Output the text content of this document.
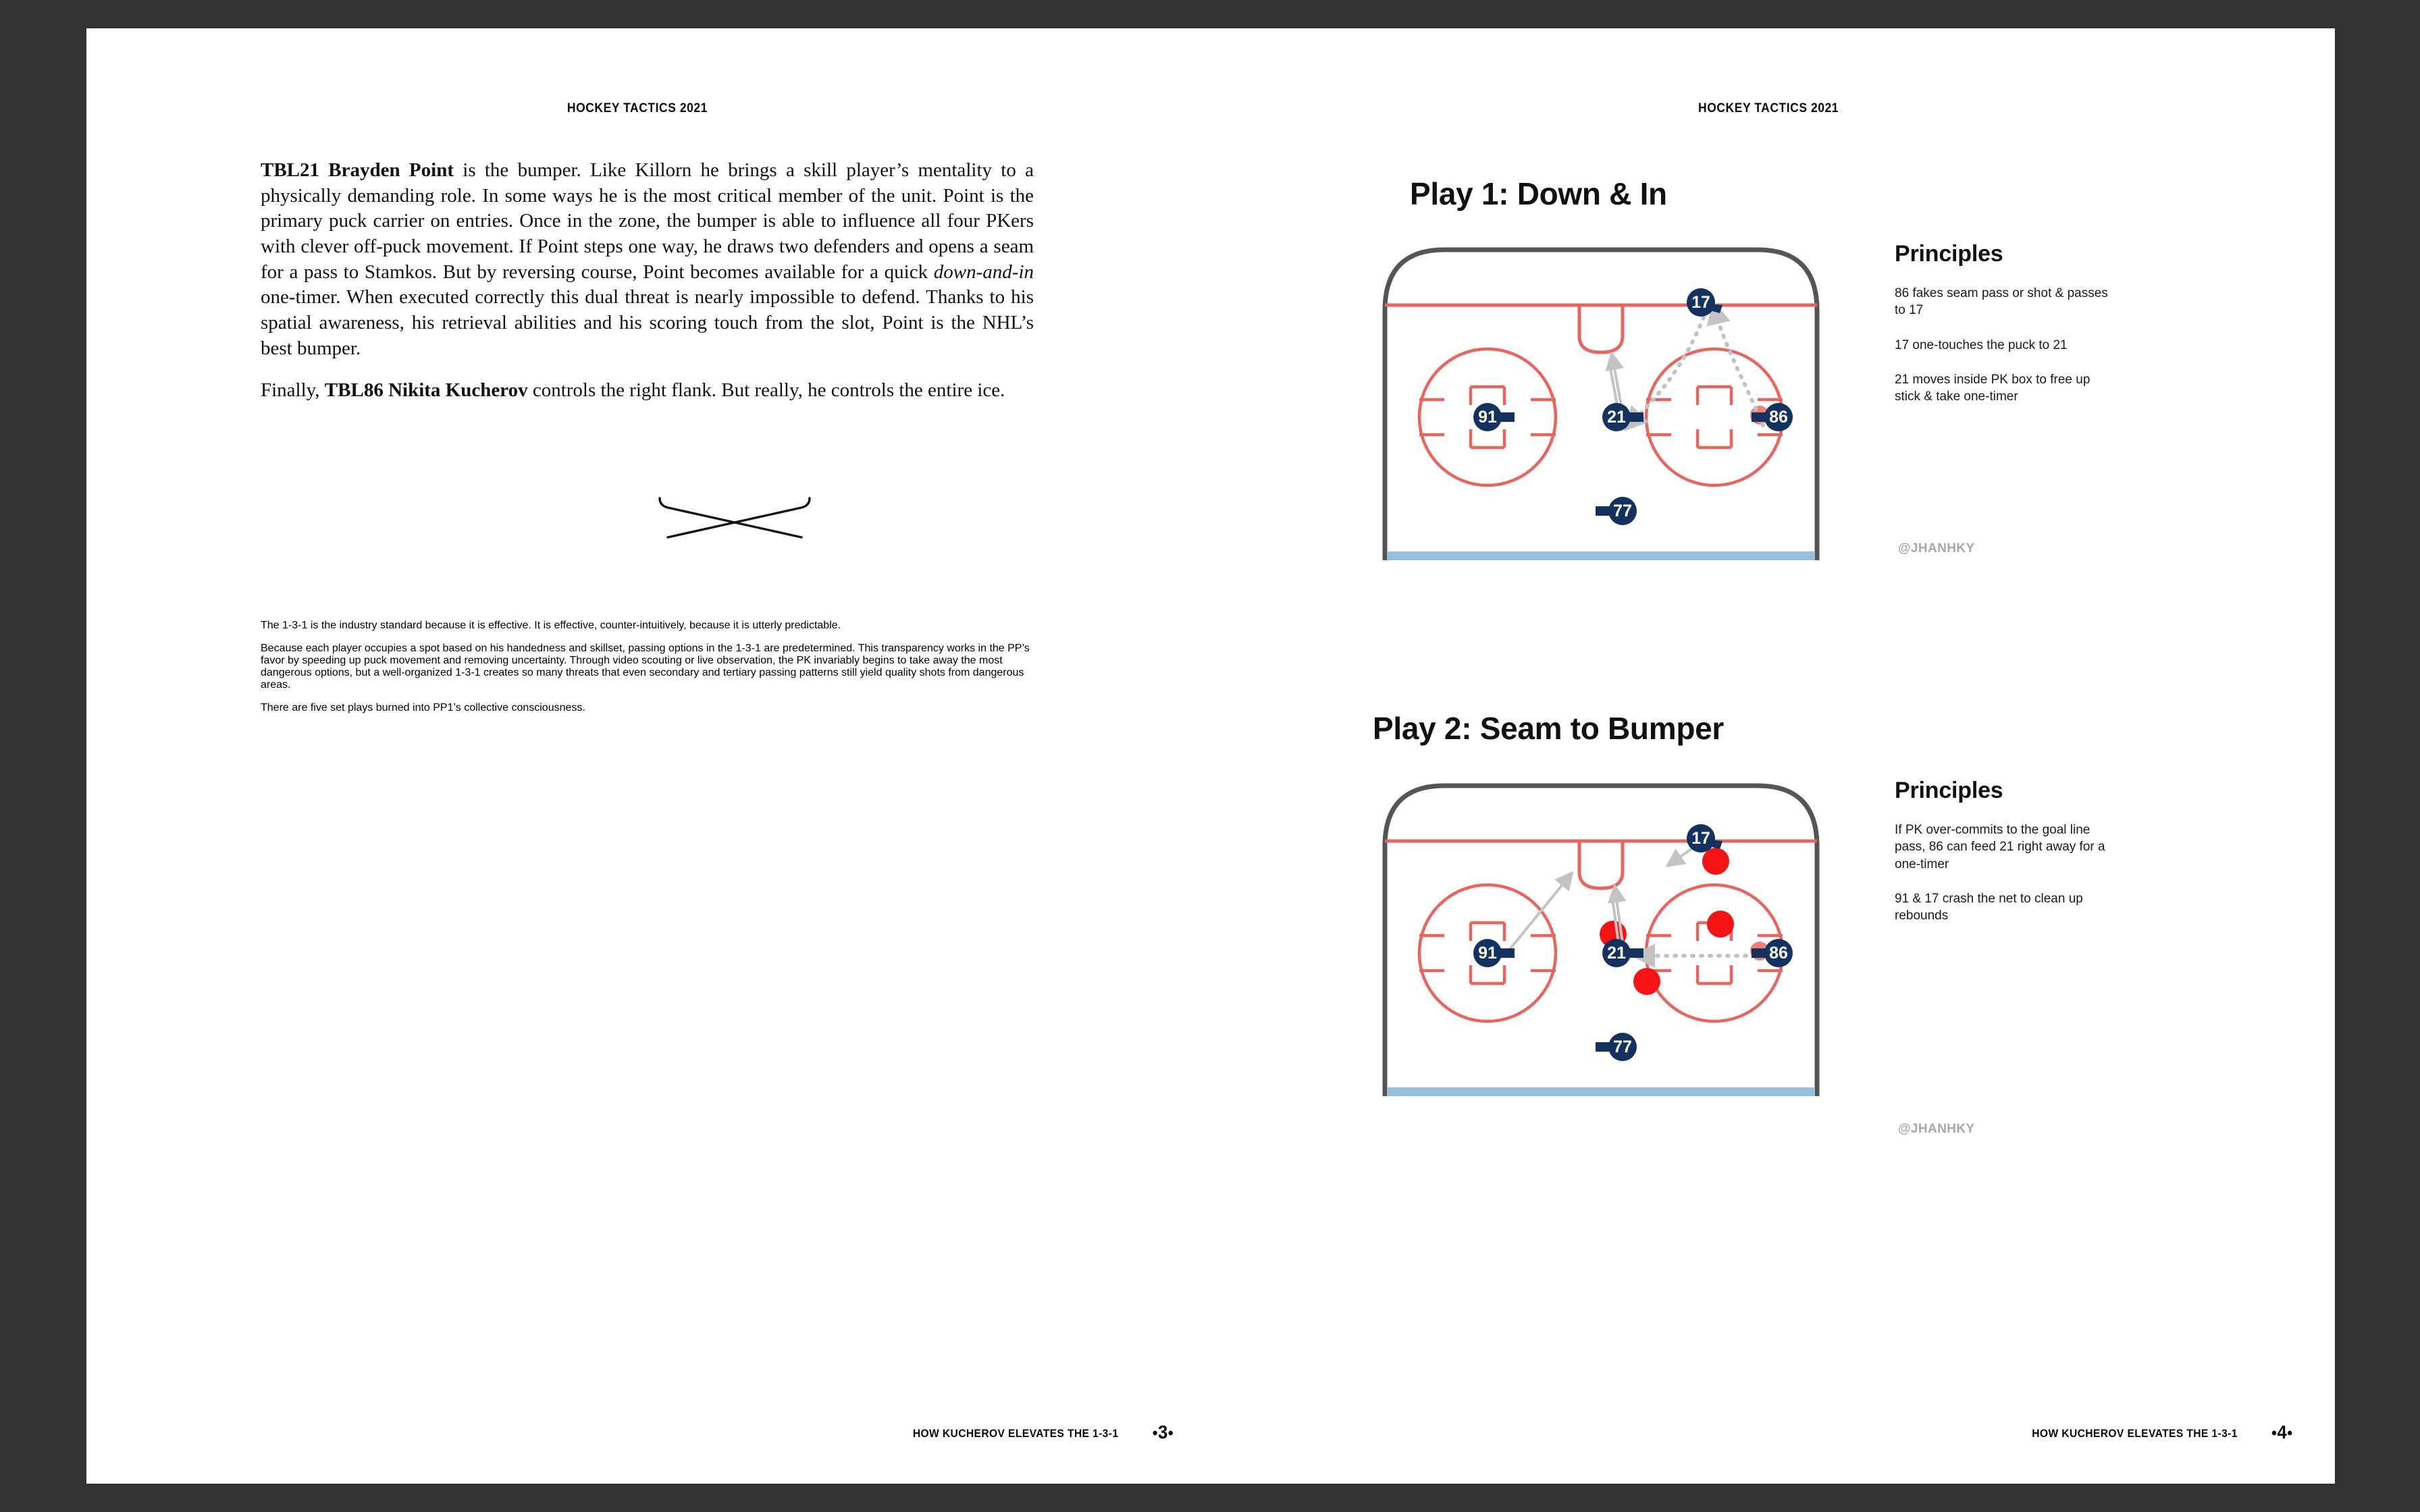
HOCKEY TACTICS 2021

TBL21 Brayden Point is the bumper. Like Killorn he brings a skill player’s mentality to a physically demanding role. In some ways he is the most critical member of the unit. Point is the primary puck carrier on entries. Once in the zone, the bumper is able to influence all four PKers with clever off-puck movement. If Point steps one way, he draws two defenders and opens a seam for a pass to Stamkos. But by reversing course, Point becomes available for a quick down-and-in one-timer. When executed correctly this dual threat is nearly impossible to defend. Thanks to his spatial awareness, his retrieval abilities and his scoring touch from the slot, Point is the NHL’s best bumper.

Finally, TBL86 Nikita Kucherov controls the right flank. But really, he controls the entire ice.

The 1-3-1 is the industry standard because it is effective. It is effective, counter-intuitively, because it is utterly predictable.

Because each player occupies a spot based on his handedness and skillset, passing options in the 1-3-1 are predetermined. This transparency works in the PP’s favor by speeding up puck movement and removing uncertainty. Through video scouting or live observation, the PK invariably begins to take away the most dangerous options, but a well-organized 1-3-1 creates so many threats that even secondary and tertiary passing patterns still yield quality shots from dangerous areas.

There are five set plays burned into PP1’s collective consciousness.

HOW KUCHEROV ELEVATES THE 1-3-1	●3●
HOCKEY TACTICS 2021
Play 1: Down & In
17
91	21	86
77
Principles

86 fakes seam pass or shot & passes to 17

17 one-touches the puck to 21

21 moves inside PK box to free up stick & take one-timer

@JHANHKY
Play 2: Seam to Bumper
17
91	21	86
77
Principles

If PK over-commits to the goal line pass, 86 can feed 21 right away for a one-timer

91 & 17 crash the net to clean up rebounds

@JHANHKY
HOW KUCHEROV ELEVATES THE 1-3-1	●4●
